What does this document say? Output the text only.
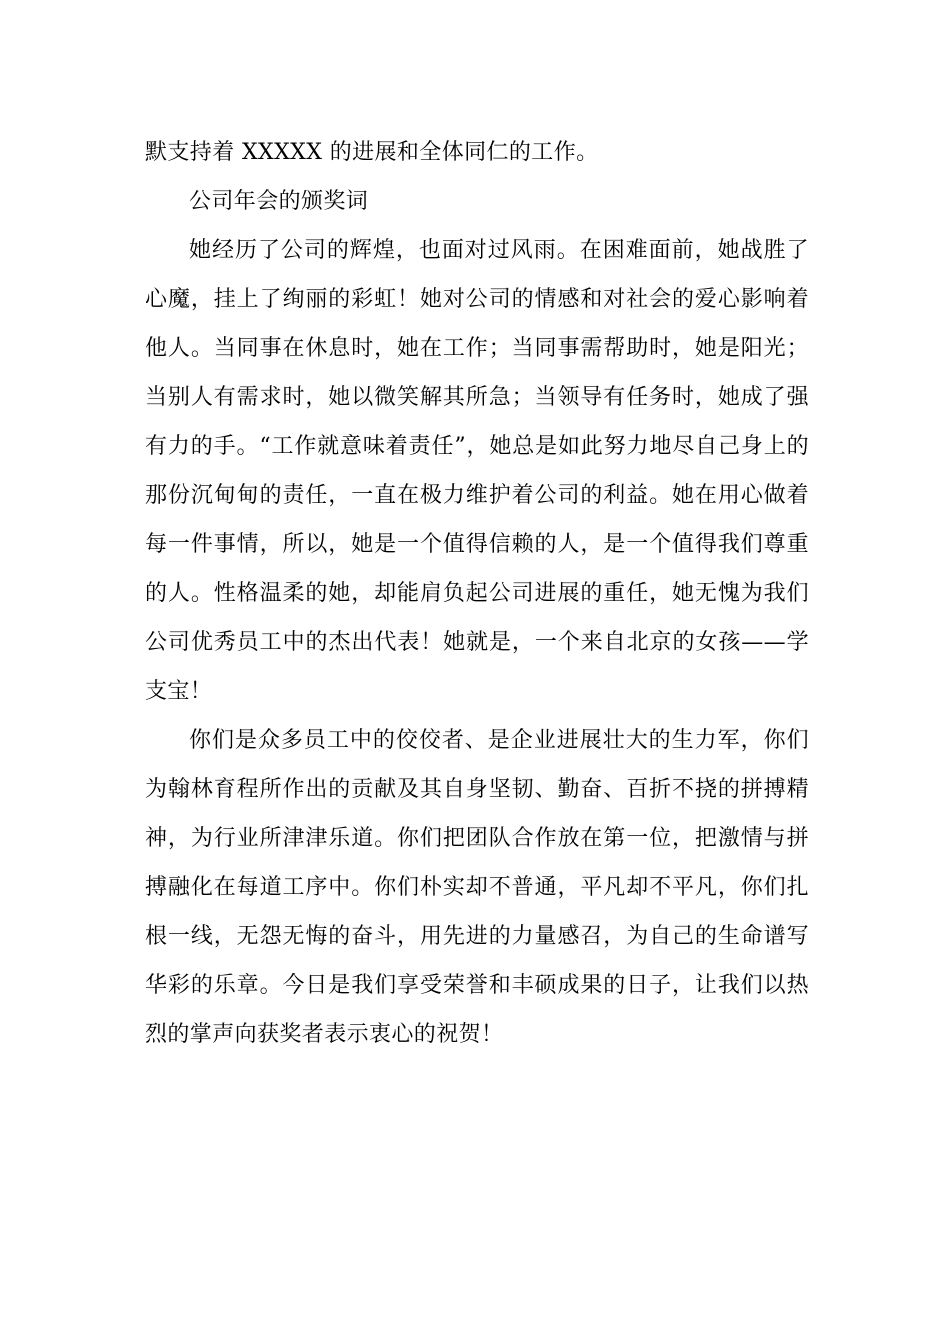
默支持着 XXXXX 的进展和全体同仁的工作。

公司年会的颁奖词

她经历了公司的辉煌，也面对过风雨。在困难面前，她战胜了心魔，挂上了绚丽的彩虹！她对公司的情感和对社会的爱心影响着他人。当同事在休息时，她在工作；当同事需帮助时，她是阳光；当别人有需求时，她以微笑解其所急；当领导有任务时，她成了强有力的手。“工作就意味着责任”，她总是如此努力地尽自己身上的那份沉甸甸的责任，一直在极力维护着公司的利益。她在用心做着每一件事情，所以，她是一个值得信赖的人，是一个值得我们尊重的人。性格温柔的她，却能肩负起公司进展的重任，她无愧为我们公司优秀员工中的杰出代表！她就是，一个来自北京的女孩——学支宝！

你们是众多员工中的佼佼者、是企业进展壮大的生力军，你们为翰林育程所作出的贡献及其自身坚韧、勤奋、百折不挠的拼搏精神，为行业所津津乐道。你们把团队合作放在第一位，把激情与拼搏融化在每道工序中。你们朴实却不普通，平凡却不平凡，你们扎根一线，无怨无悔的奋斗，用先进的力量感召，为自己的生命谱写华彩的乐章。今日是我们享受荣誉和丰硕成果的日子，让我们以热烈的掌声向获奖者表示衷心的祝贺！
